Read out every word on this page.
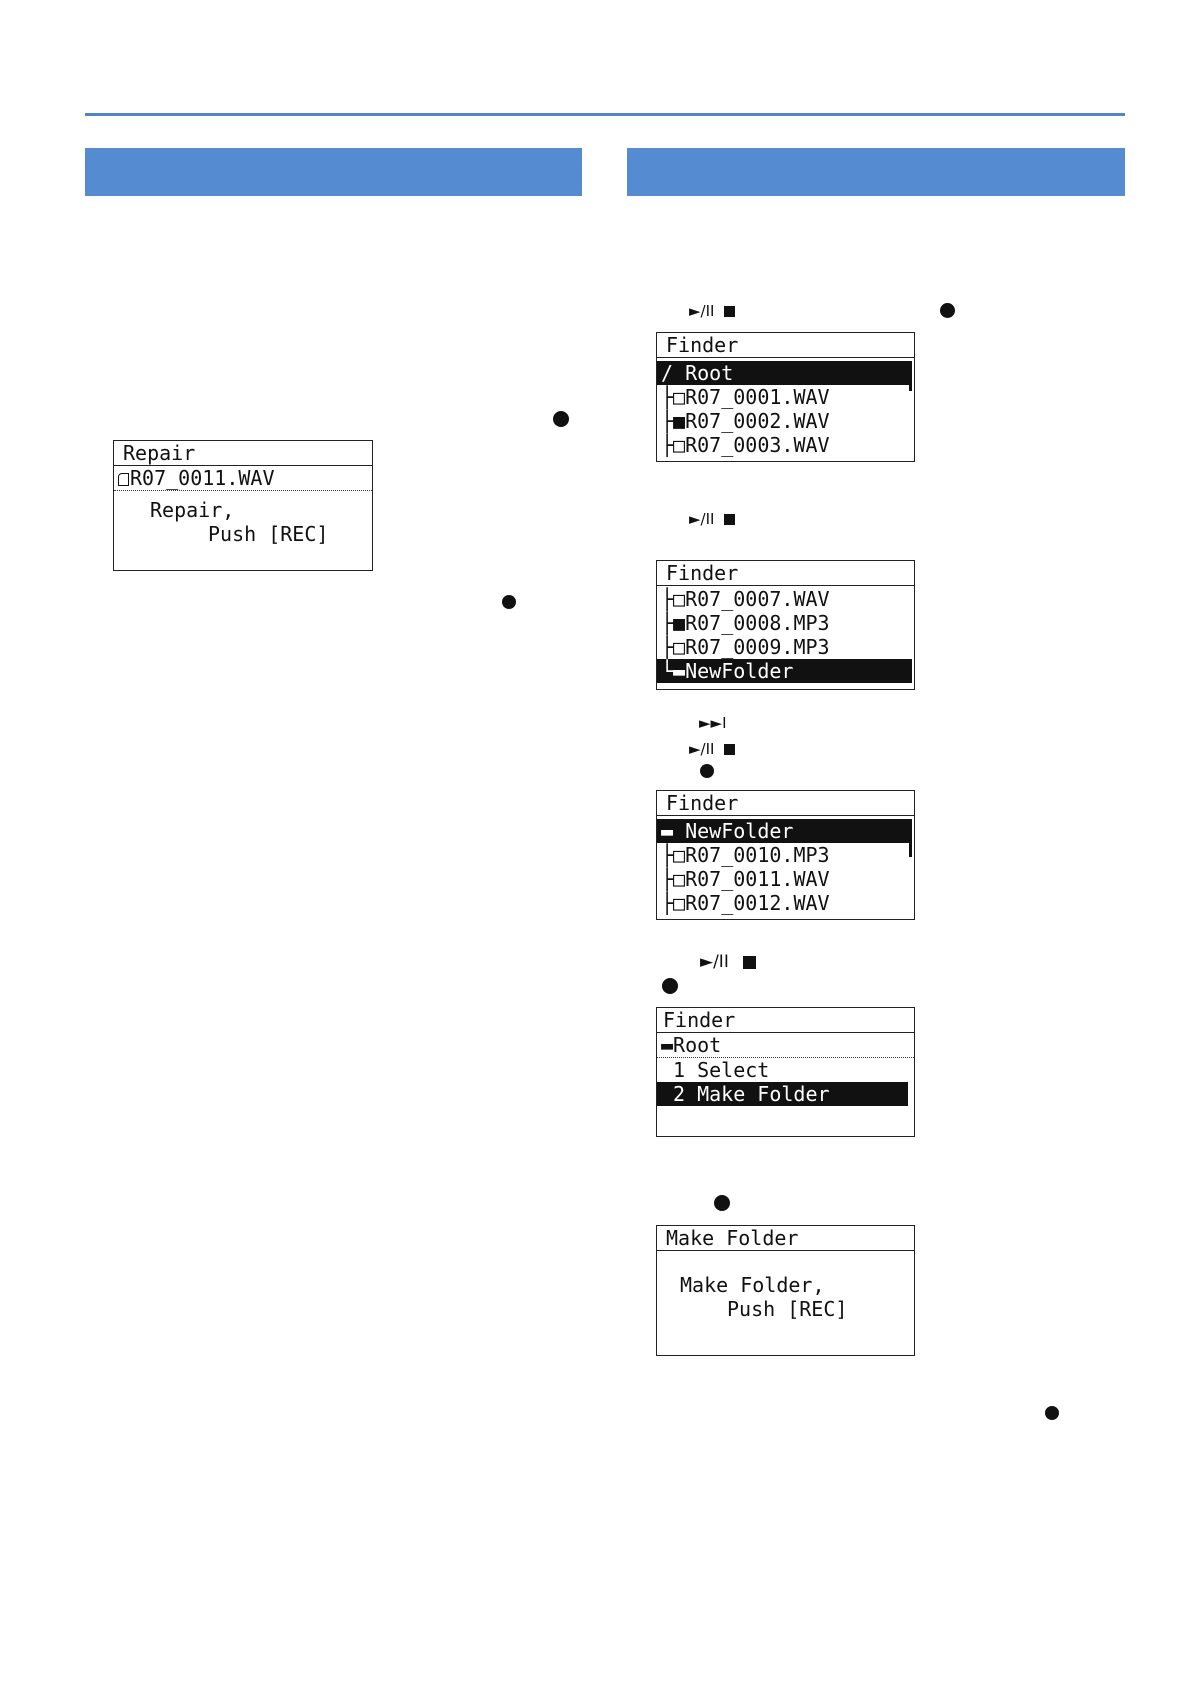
Repair
R07_0011.WAV
Repair,
Push [REC]
►/II
Finder
/ Root
├□R07_0001.WAV
├■R07_0002.WAV
├□R07_0003.WAV
►/II
Finder
├□R07_0007.WAV
├■R07_0008.MP3
├□R07_0009.MP3
└▬NewFolder
►►I
►/II
Finder
▬ NewFolder
├□R07_0010.MP3
├□R07_0011.WAV
├□R07_0012.WAV
►/II
Finder
▬Root
1 Select
2 Make Folder
Make Folder
Make Folder,
Push [REC]
